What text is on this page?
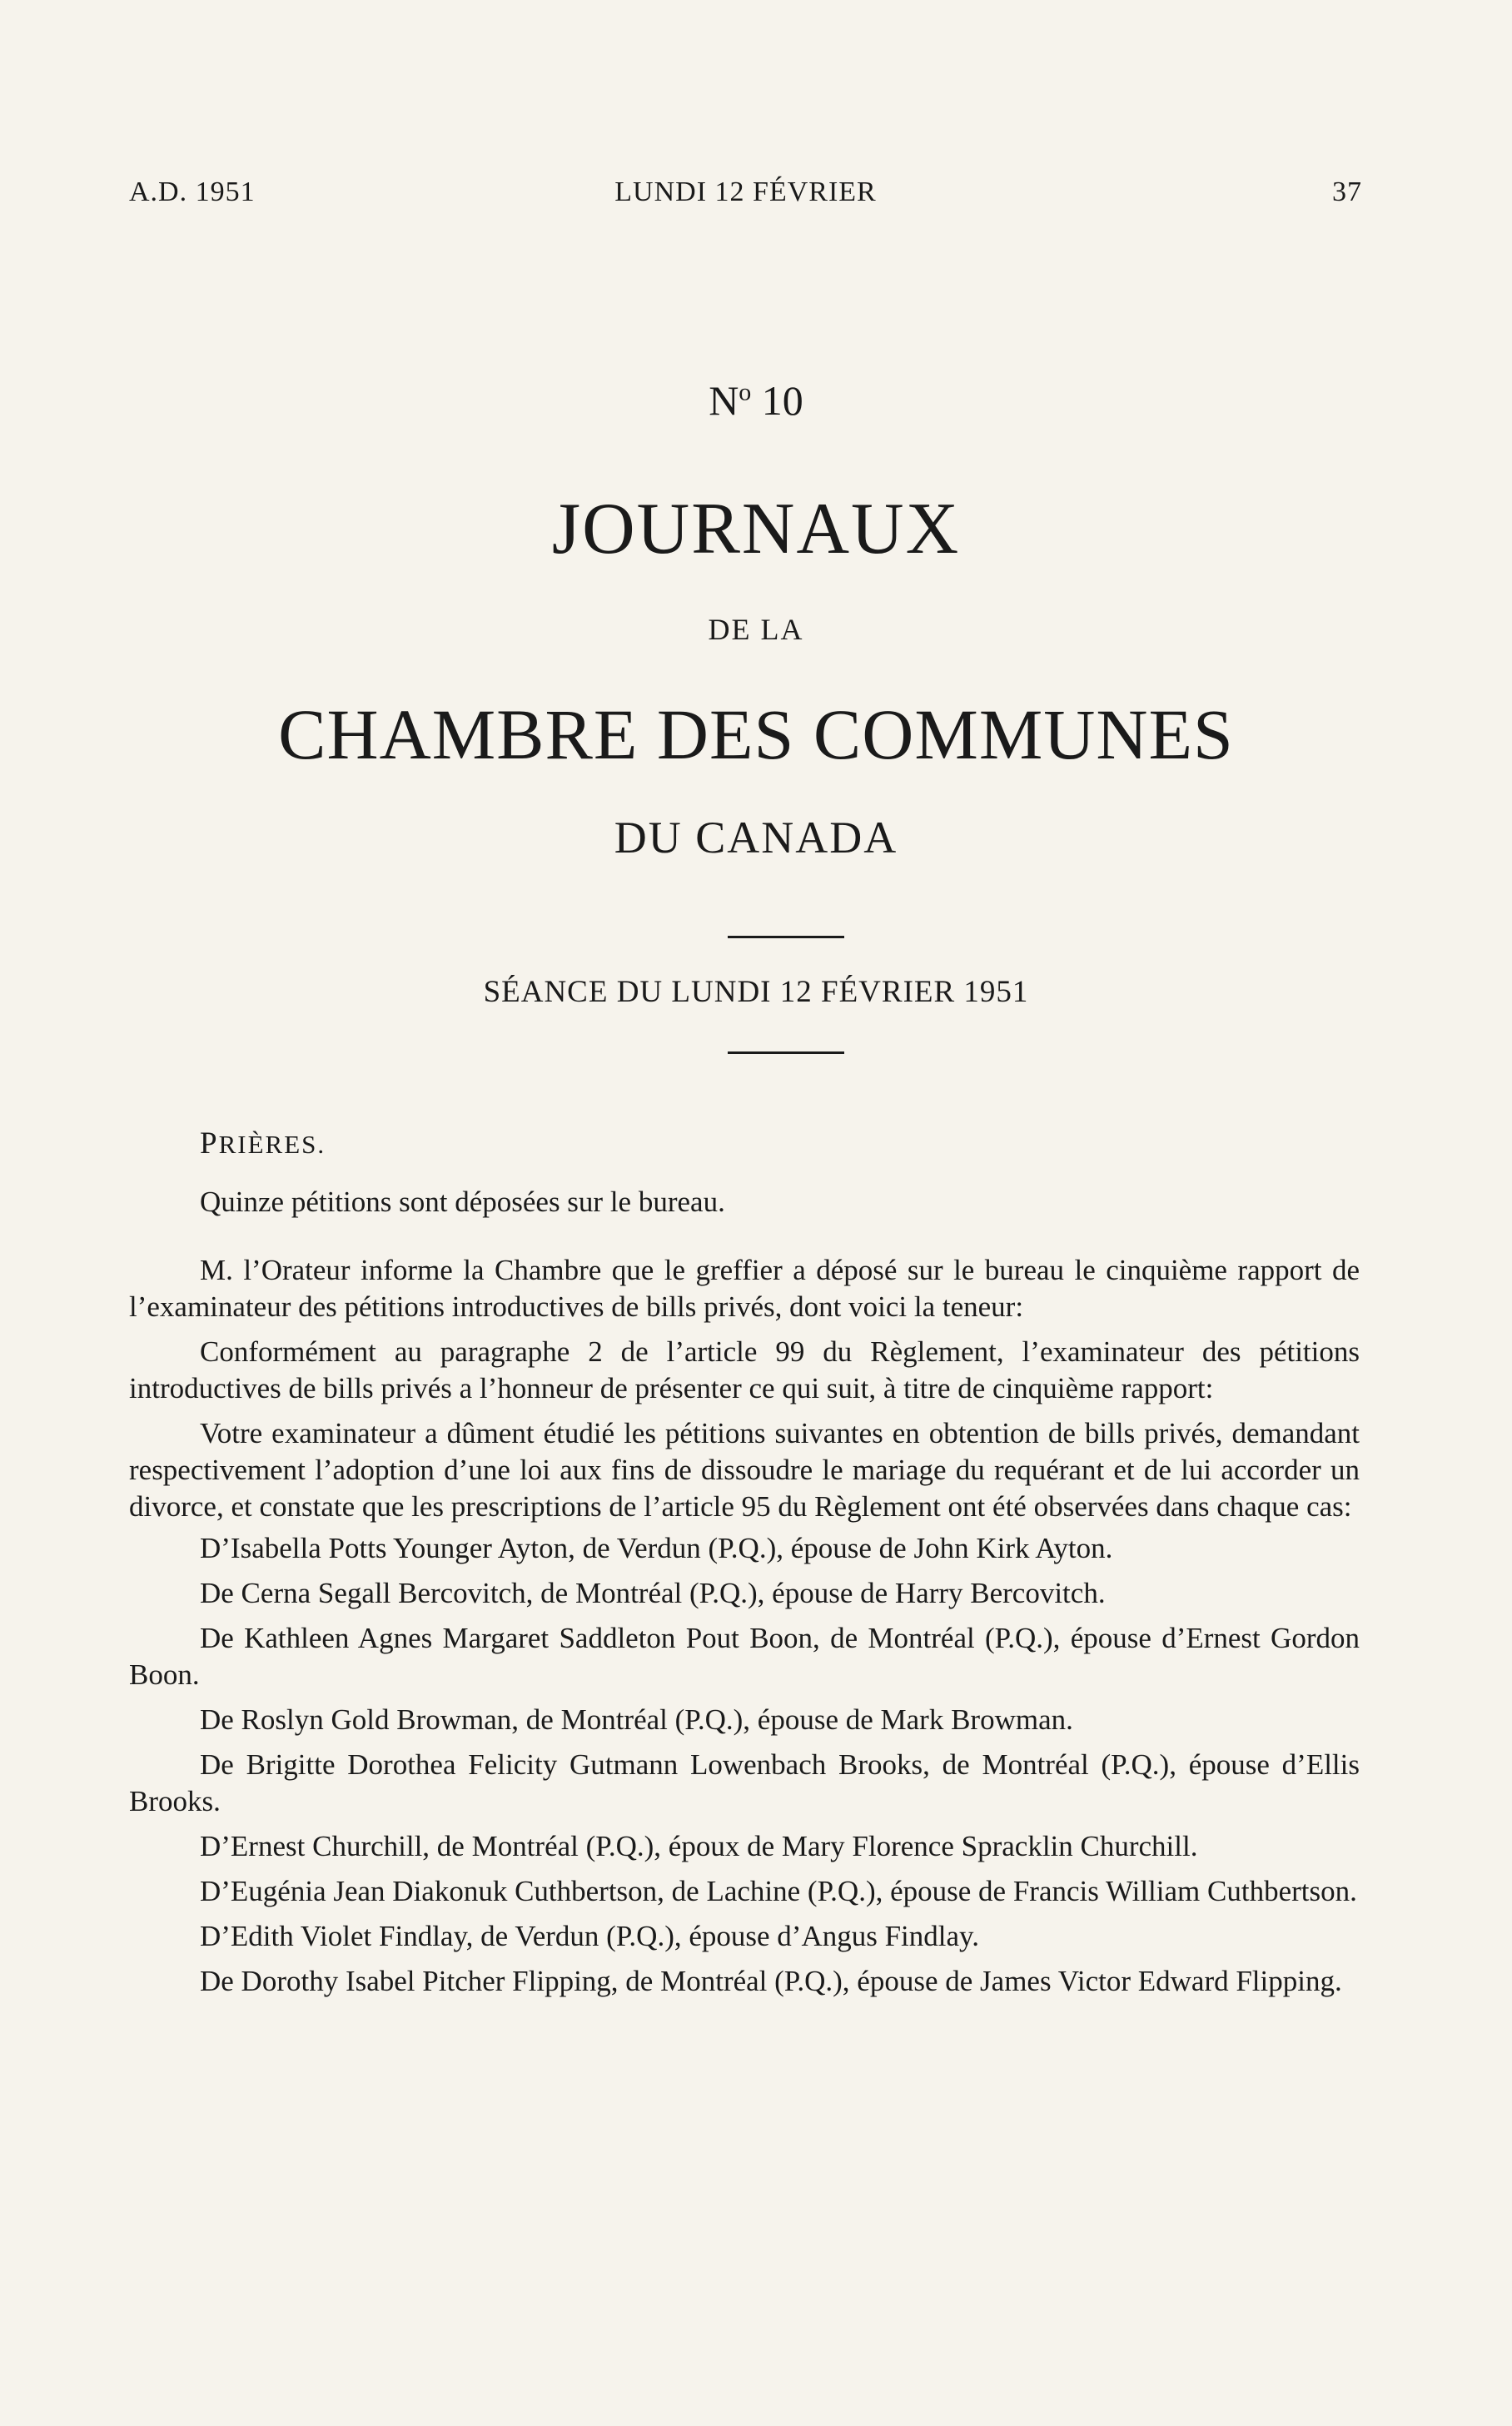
A.D. 1951	LUNDI 12 FÉVRIER	37
$N^o$ 10
JOURNAUX
DE LA
CHAMBRE DES COMMUNES
DU CANADA
SÉANCE DU LUNDI 12 FÉVRIER 1951
PRIÈRES.

Quinze pétitions sont déposées sur le bureau.

M. l’Orateur informe la Chambre que le greffier a déposé sur le bureau le cinquième rapport de l’examinateur des pétitions introductives de bills privés, dont voici la teneur:

Conformément au paragraphe 2 de l’article 99 du Règlement, l’examinateur des pétitions introductives de bills privés a l’honneur de présenter ce qui suit, à titre de cinquième rapport:

Votre examinateur a dûment étudié les pétitions suivantes en obtention de bills privés, demandant respectivement l’adoption d’une loi aux fins de dissoudre le mariage du requérant et de lui accorder un divorce, et constate que les prescriptions de l’article 95 du Règlement ont été observées dans chaque cas:

D’Isabella Potts Younger Ayton, de Verdun (P.Q.), épouse de John Kirk Ayton.

De Cerna Segall Bercovitch, de Montréal (P.Q.), épouse de Harry Bercovitch.

De Kathleen Agnes Margaret Saddleton Pout Boon, de Montréal (P.Q.), épouse d’Ernest Gordon Boon.

De Roslyn Gold Browman, de Montréal (P.Q.), épouse de Mark Browman.

De Brigitte Dorothea Felicity Gutmann Lowenbach Brooks, de Montréal (P.Q.), épouse d’Ellis Brooks.

D’Ernest Churchill, de Montréal (P.Q.), époux de Mary Florence Spracklin Churchill.

D’Eugénia Jean Diakonuk Cuthbertson, de Lachine (P.Q.), épouse de Francis William Cuthbertson.

D’Edith Violet Findlay, de Verdun (P.Q.), épouse d’Angus Findlay.

De Dorothy Isabel Pitcher Flipping, de Montréal (P.Q.), épouse de James Victor Edward Flipping.
